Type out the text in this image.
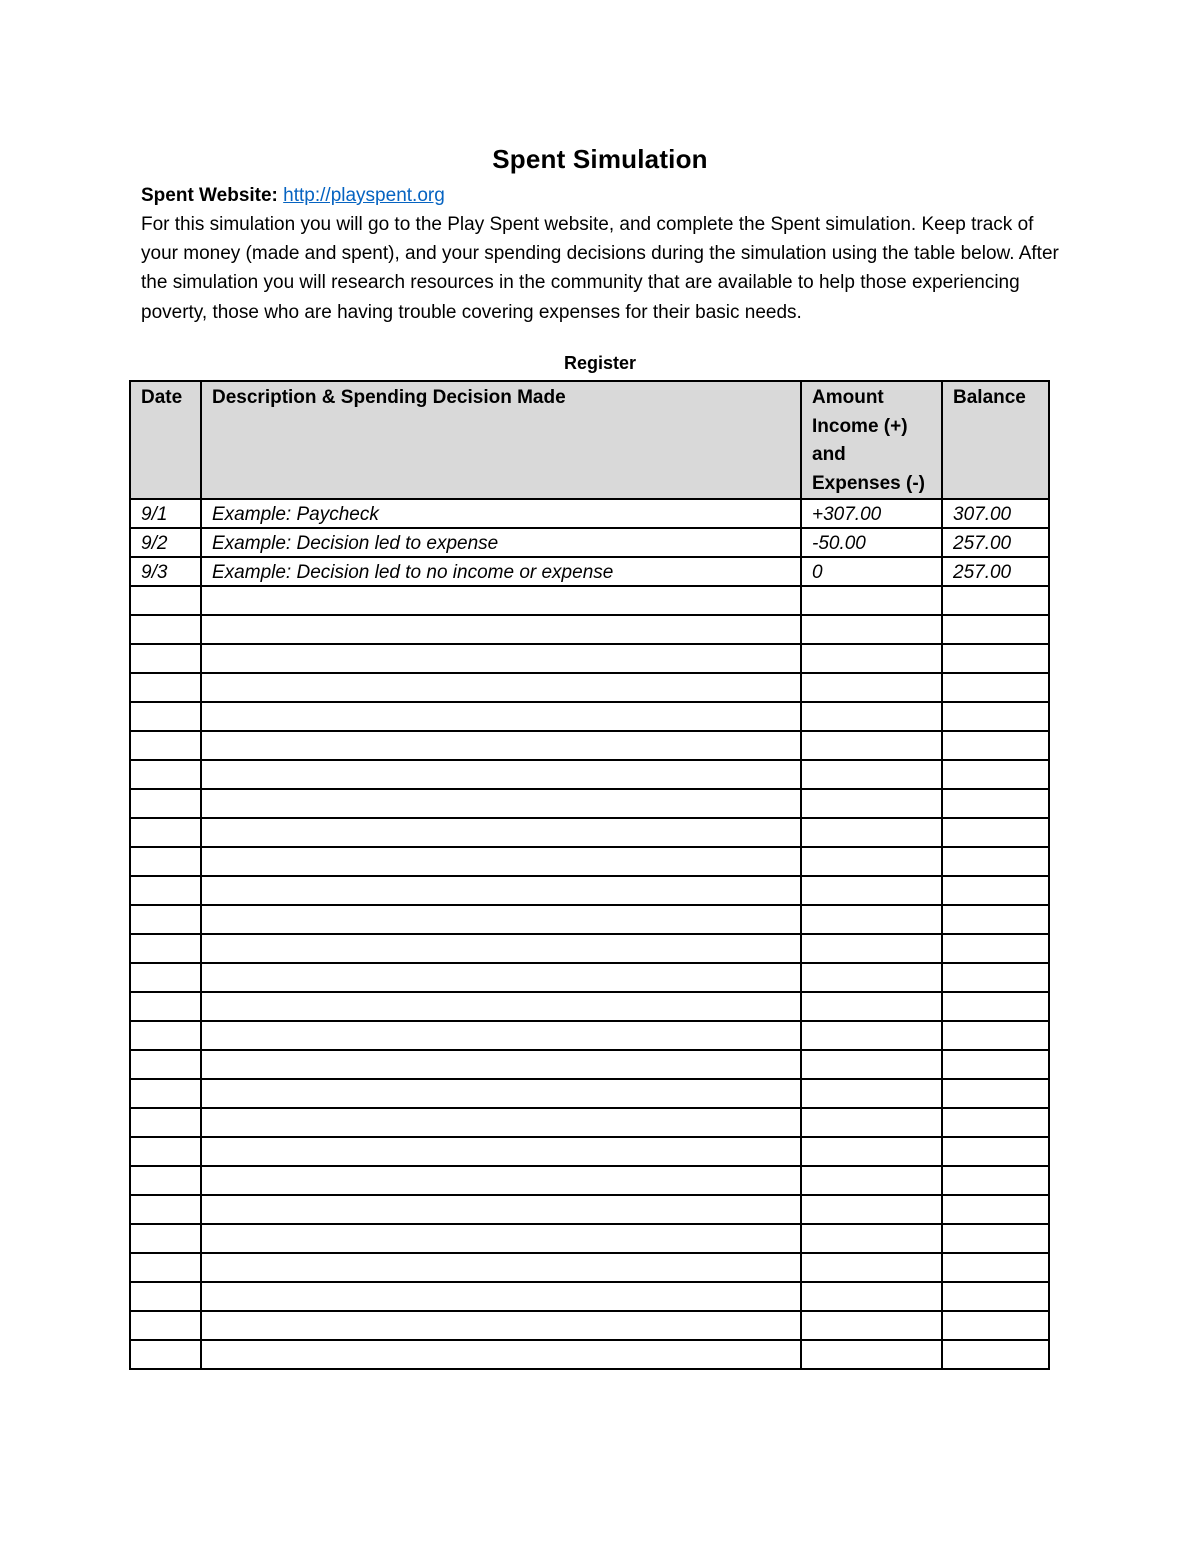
Spent Simulation
Spent Website: http://playspent.org
For this simulation you will go to the Play Spent website, and complete the Spent simulation. Keep track of your money (made and spent), and your spending decisions during the simulation using the table below. After the simulation you will research resources in the community that are available to help those experiencing poverty, those who are having trouble covering expenses for their basic needs.
Register
Date	Description & Spending Decision Made	Amount Income (+) and Expenses (-)	Balance
9/1	Example: Paycheck	+307.00	307.00
9/2	Example: Decision led to expense	-50.00	257.00
9/3	Example: Decision led to no income or expense	0	257.00
